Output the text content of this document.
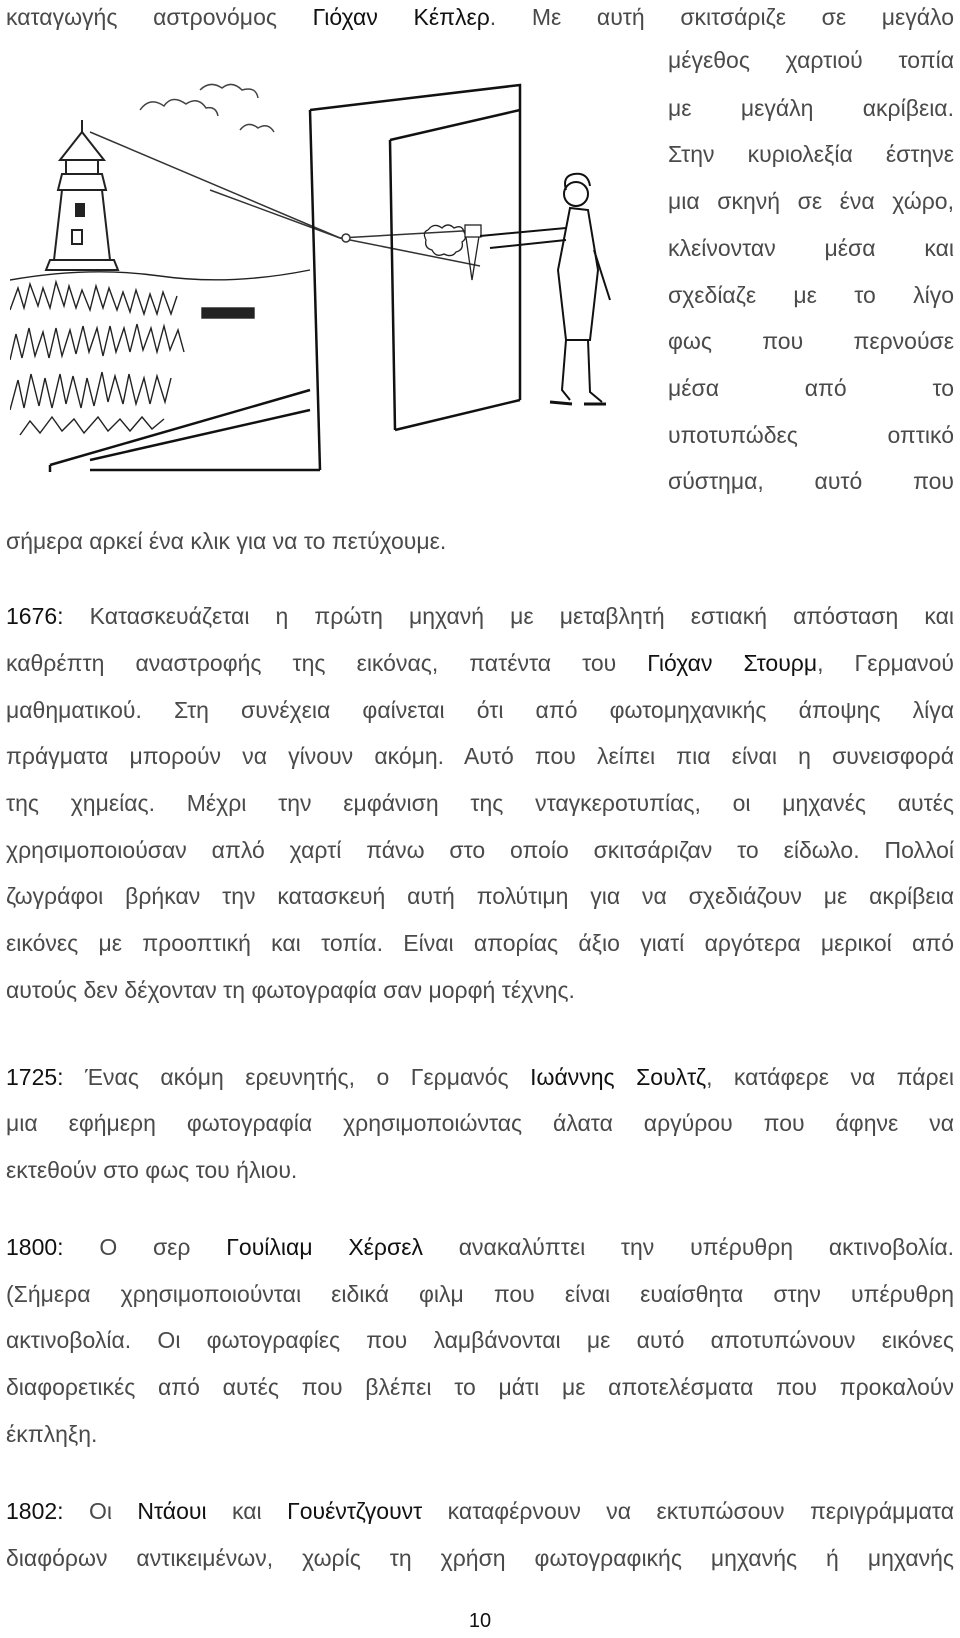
καταγωγής αστρονόμος Γιόχαν Κέπλερ. Με αυτή σκιτσάριζε σε μεγάλο
μέγεθος χαρτιού τοπία
με μεγάλη ακρίβεια.
Στην κυριολεξία έστηνε
μια σκηνή σε ένα χώρο,
κλείνονταν μέσα και
σχεδίαζε με το λίγο
φως που περνούσε
μέσα από το
υποτυπώδες οπτικό
σύστημα, αυτό που
σήμερα αρκεί ένα κλικ για να το πετύχουμε.
1676: Κατασκευάζεται η πρώτη μηχανή με μεταβλητή εστιακή απόσταση και
καθρέπτη αναστροφής της εικόνας, πατέντα του Γιόχαν Στουρμ, Γερμανού
μαθηματικού. Στη συνέχεια φαίνεται ότι από φωτομηχανικής άποψης λίγα
πράγματα μπορούν να γίνουν ακόμη. Αυτό που λείπει πια είναι η συνεισφορά
της χημείας. Μέχρι την εμφάνιση της νταγκεροτυπίας, οι μηχανές αυτές
χρησιμοποιούσαν απλό χαρτί πάνω στο οποίο σκιτσάριζαν το είδωλο. Πολλοί
ζωγράφοι βρήκαν την κατασκευή αυτή πολύτιμη για να σχεδιάζουν με ακρίβεια
εικόνες με προοπτική και τοπία. Είναι απορίας άξιο γιατί αργότερα μερικοί από
αυτούς δεν δέχονταν τη φωτογραφία σαν μορφή τέχνης.
1725: Ένας ακόμη ερευνητής, ο Γερμανός Ιωάννης Σουλτζ, κατάφερε να πάρει
μια εφήμερη φωτογραφία χρησιμοποιώντας άλατα αργύρου που άφηνε να
εκτεθούν στο φως του ήλιου.
1800: Ο σερ Γουίλιαμ Χέρσελ ανακαλύπτει την υπέρυθρη ακτινοβολία.
(Σήμερα χρησιμοποιούνται ειδικά φιλμ που είναι ευαίσθητα στην υπέρυθρη
ακτινοβολία. Οι φωτογραφίες που λαμβάνονται με αυτό αποτυπώνουν εικόνες
διαφορετικές από αυτές που βλέπει το μάτι με αποτελέσματα που προκαλούν
έκπληξη.
1802: Οι Ντάουι και Γουέντζγουντ καταφέρνουν να εκτυπώσουν περιγράμματα
διαφόρων αντικειμένων, χωρίς τη χρήση φωτογραφικής μηχανής ή μηχανής
10
